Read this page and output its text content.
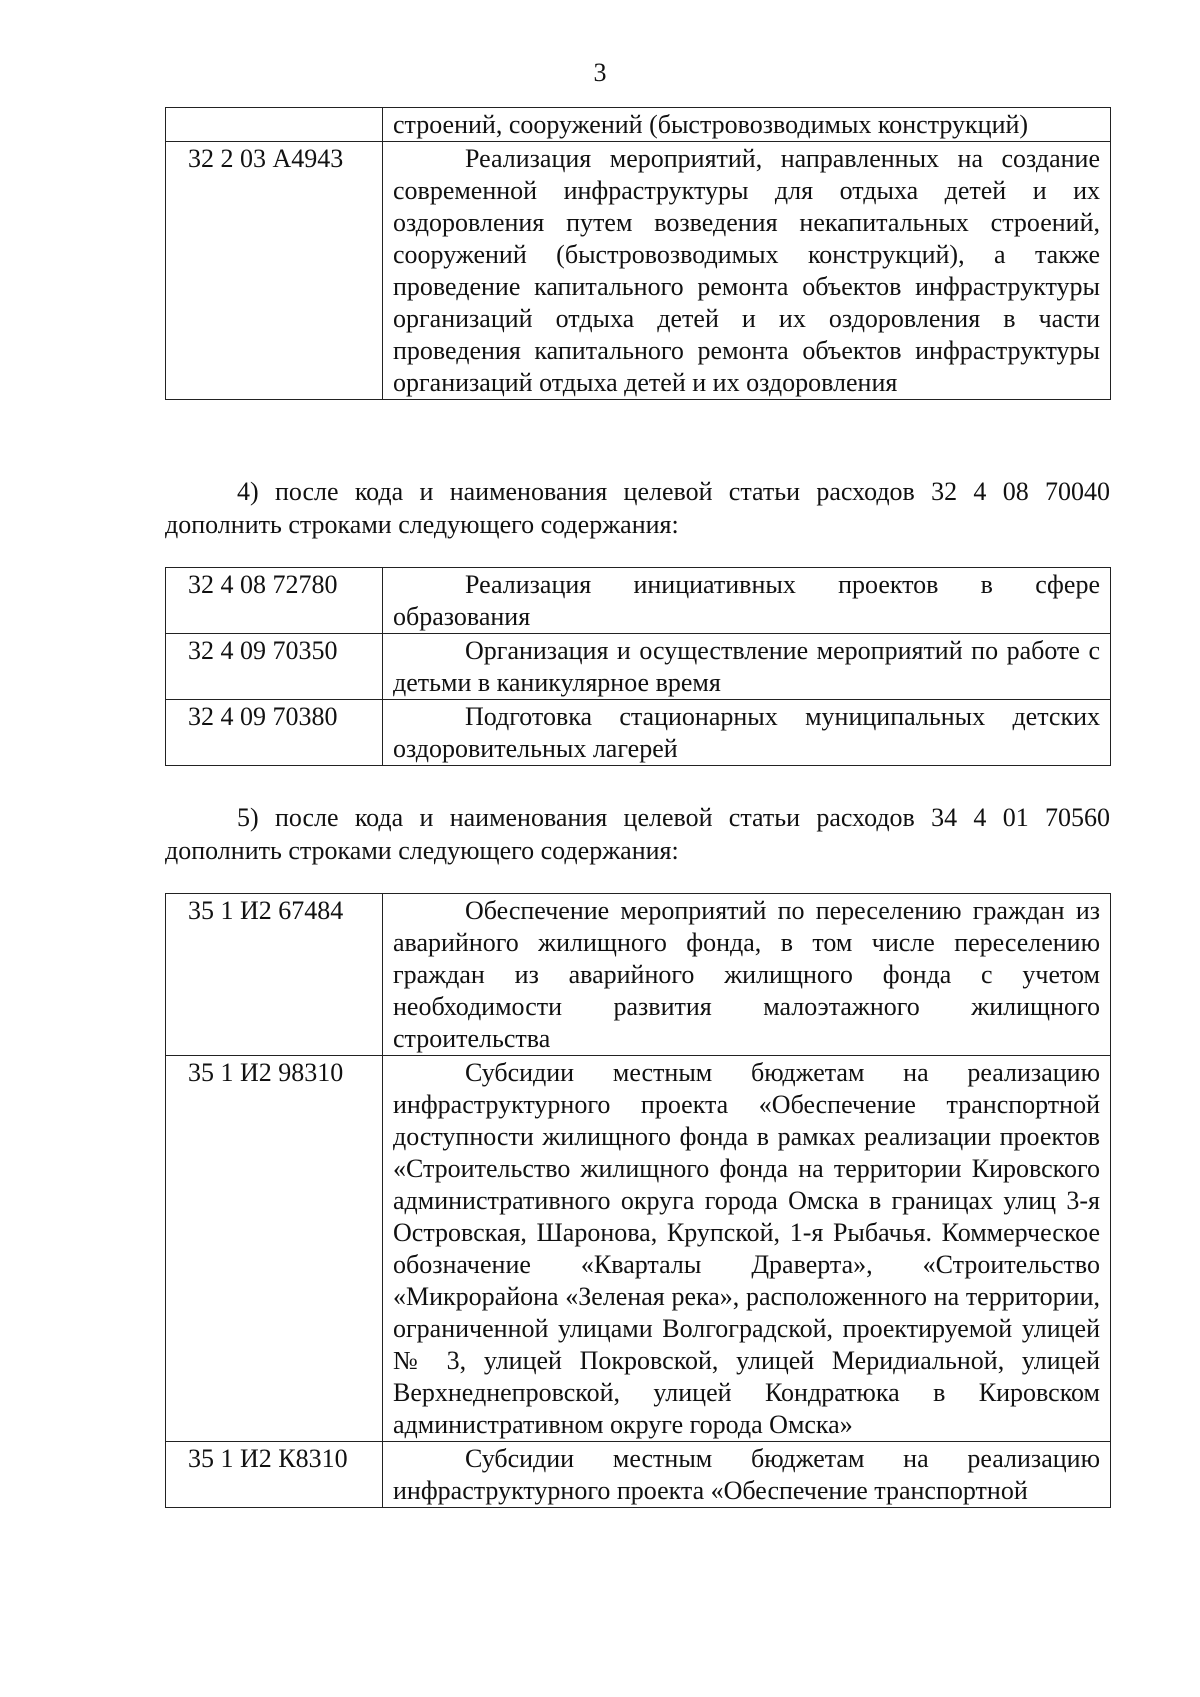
3
	строений, сооружений (быстровозводимых конструкций)
32 2 03 А4943	Реализация мероприятий, направленных на создание современной инфраструктуры для отдыха детей и их оздоровления путем возведения некапитальных строений, сооружений (быстровозводимых конструкций), а также проведение капитального ремонта объектов инфраструктуры организаций отдыха детей и их оздоровления в части проведения капитального ремонта объектов инфраструктуры организаций отдыха детей и их оздоровления

4) после кода и наименования целевой статьи расходов 32 4 08 70040 дополнить строками следующего содержания:

32 4 08 72780	Реализация инициативных проектов в сфере образования
32 4 09 70350	Организация и осуществление мероприятий по работе с детьми в каникулярное время
32 4 09 70380	Подготовка стационарных муниципальных детских оздоровительных лагерей

5) после кода и наименования целевой статьи расходов 34 4 01 70560 дополнить строками следующего содержания:

35 1 И2 67484	Обеспечение мероприятий по переселению граждан из аварийного жилищного фонда, в том числе переселению граждан из аварийного жилищного фонда с учетом необходимости развития малоэтажного жилищного строительства
35 1 И2 98310	Субсидии местным бюджетам на реализацию инфраструктурного проекта «Обеспечение транспортной доступности жилищного фонда в рамках реализации проектов «Строительство жилищного фонда на территории Кировского административного округа города Омска в границах улиц 3-я Островская, Шаронова, Крупской, 1-я Рыбачья. Коммерческое обозначение «Кварталы Драверта», «Строительство «Микрорайона «Зеленая река», расположенного на территории, ограниченной улицами Волгоградской, проектируемой улицей № 3, улицей Покровской, улицей Меридиальной, улицей Верхнеднепровской, улицей Кондратюка в Кировском административном округе города Омска»
35 1 И2 К8310	Субсидии местным бюджетам на реализацию инфраструктурного проекта «Обеспечение транспортной
